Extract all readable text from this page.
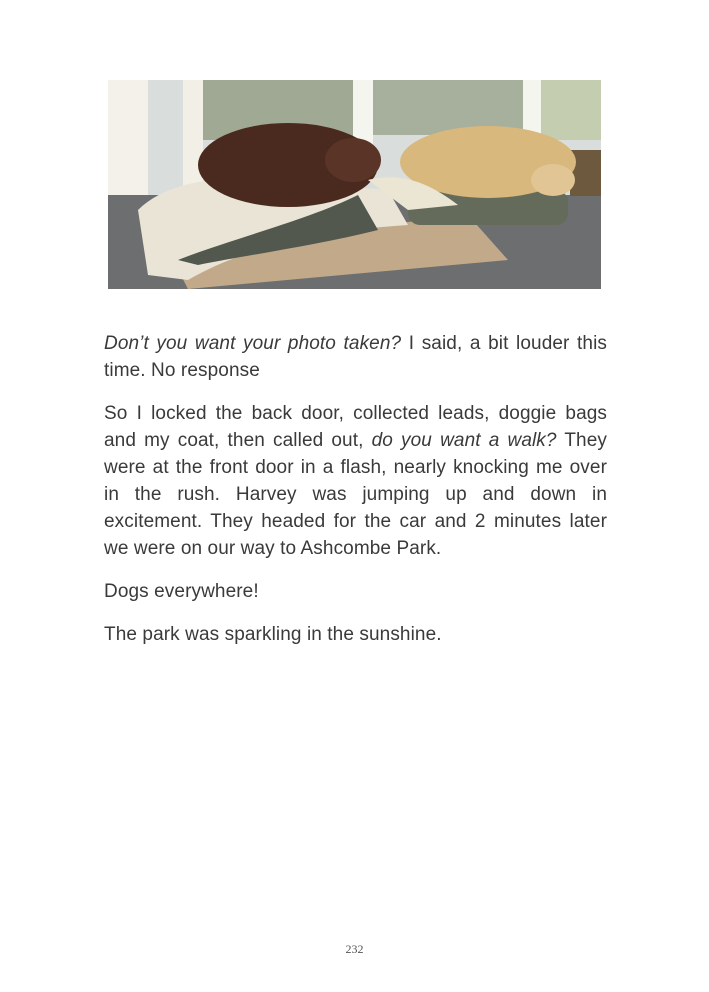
Don’t you want your photo taken? I said, a bit louder this time. No response

So I locked the back door, collected leads, doggie bags and my coat, then called out, do you want a walk? They were at the front door in a flash, nearly knocking me over in the rush. Harvey was jumping up and down in excitement. They headed for the car and 2 minutes later we were on our way to Ashcombe Park.

Dogs everywhere!

The park was sparkling in the sunshine.

232
